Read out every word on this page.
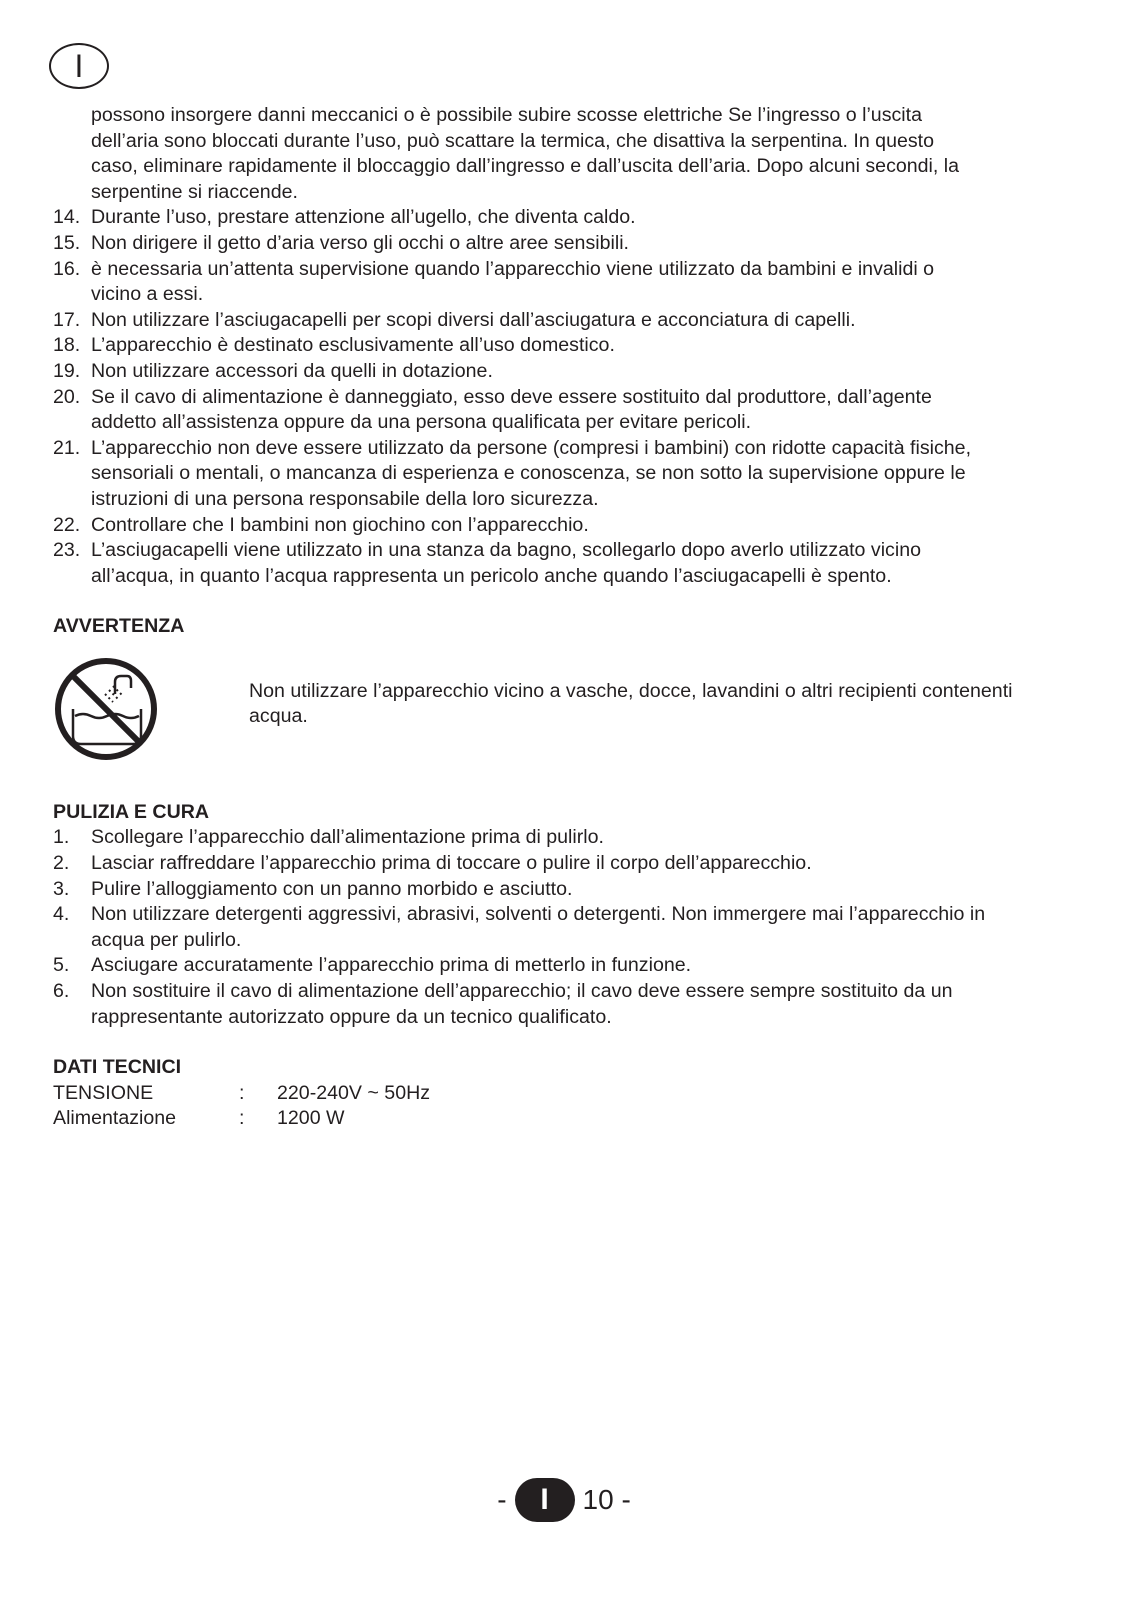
I
possono insorgere danni meccanici o è possibile subire scosse elettriche Se l’ingresso o l’uscita
dell’aria sono bloccati durante l’uso, può scattare la termica, che disattiva la serpentina. In questo
caso, eliminare rapidamente il bloccaggio dall’ingresso e dall’uscita dell’aria. Dopo alcuni secondi, la
serpentine si riaccende.
14. Durante l’uso, prestare attenzione all’ugello, che diventa caldo.
15. Non dirigere il getto d’aria verso gli occhi o altre aree sensibili.
16. è necessaria un’attenta supervisione quando l’apparecchio viene utilizzato da bambini e invalidi o
vicino a essi.
17. Non utilizzare l’asciugacapelli per scopi diversi dall’asciugatura e acconciatura di capelli.
18. L’apparecchio è destinato esclusivamente all’uso domestico.
19. Non utilizzare accessori da quelli in dotazione.
20. Se il cavo di alimentazione è danneggiato, esso deve essere sostituito dal produttore, dall’agente
addetto all’assistenza oppure da una persona qualificata per evitare pericoli.
21. L’apparecchio non deve essere utilizzato da persone (compresi i bambini) con ridotte capacità fisiche,
sensoriali o mentali, o mancanza di esperienza e conoscenza, se non sotto la supervisione oppure le
istruzioni di una persona responsabile della loro sicurezza.
22. Controllare che I bambini non giochino con l’apparecchio.
23. L’asciugacapelli viene utilizzato in una stanza da bagno, scollegarlo dopo averlo utilizzato vicino
all’acqua, in quanto l’acqua rappresenta un pericolo anche quando l’asciugacapelli è spento.
AVVERTENZA
Non utilizzare l’apparecchio vicino a vasche, docce, lavandini o altri recipienti contenenti
acqua.
PULIZIA E CURA
1.	Scollegare l’apparecchio dall’alimentazione prima di pulirlo.
2.	Lasciar raffreddare l’apparecchio prima di toccare o pulire il corpo dell’apparecchio.
3.	Pulire l’alloggiamento con un panno morbido e asciutto.
4.	Non utilizzare detergenti aggressivi, abrasivi, solventi o detergenti. Non immergere mai l’apparecchio in
acqua per pulirlo.
5.	Asciugare accuratamente l’apparecchio prima di metterlo in funzione.
6.	Non sostituire il cavo di alimentazione dell’apparecchio; il cavo deve essere sempre sostituito da un
rappresentante autorizzato oppure da un tecnico qualificato.
DATI TECNICI
TENSIONE	:	220-240V ~ 50Hz
Alimentazione	:	1200 W
-	I	10 -
